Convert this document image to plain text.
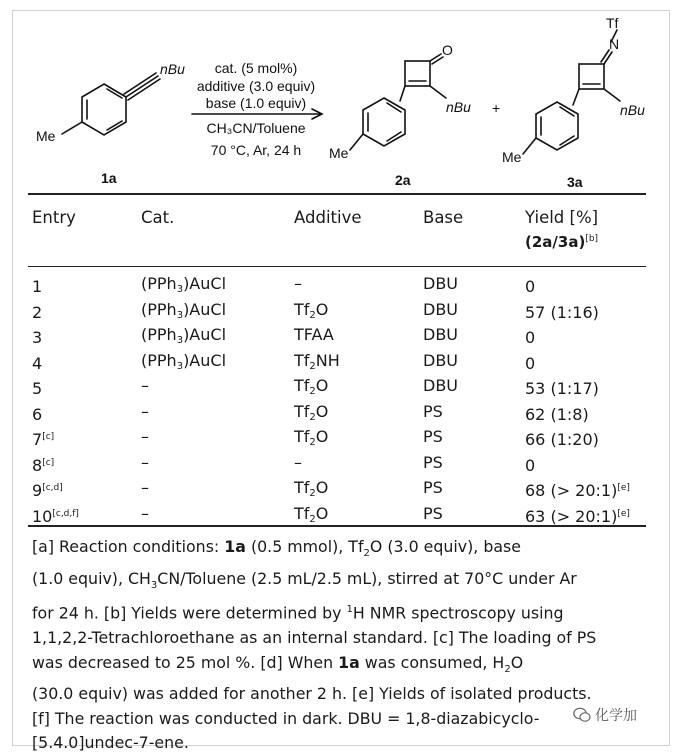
nBu
Me
1a
cat. (5 mol%)
additive (3.0 equiv)
base (1.0 equiv)
CH₃CN/Toluene
70 °C, Ar, 24 h
O
nBu
Me
2a
+
N
Tf
nBu
Me
3a
Entry	Cat.	Additive	Base	Yield [%]
(2a/3a)[b]
1	(PPh$_3$)AuCl	–	DBU	0
2	(PPh$_3$)AuCl	$Tf_2O$	DBU	57 (1:16)
3	(PPh$_3$)AuCl	TFAA	DBU	0
4	(PPh$_3$)AuCl	$Tf_2NH$	DBU	0
5	–	$Tf_2O$	DBU	53 (1:17)
6	–	$Tf_2O$	PS	62 (1:8)
7[c]	–	$Tf_2O$	PS	66 (1:20)
8[c]	–	–	PS	0
9[c,d]	–	$Tf_2O$	PS	68 (> 20:1)[e]
10[c,d,f]	–	$Tf_2O$	PS	63 (> 20:1)[e]

[a] Reaction conditions: 1a (0.5 mmol), $Tf_2O$ (3.0 equiv), base

(1.0 equiv), $CH_3CN$/Toluene (2.5 mL/2.5 mL), stirred at 70°C under Ar

for 24 h. [b] Yields were determined by $^1$H NMR spectroscopy using

1,1,2,2-Tetrachloroethane as an internal standard. [c] The loading of PS

was decreased to 25 mol %. [d] When 1a was consumed, $H_2O$

(30.0 equiv) was added for another 2 h. [e] Yields of isolated products.

[f] The reaction was conducted in dark. DBU = 1,8-diazabicyclo-

[5.4.0]undec-7-ene.

化学加
